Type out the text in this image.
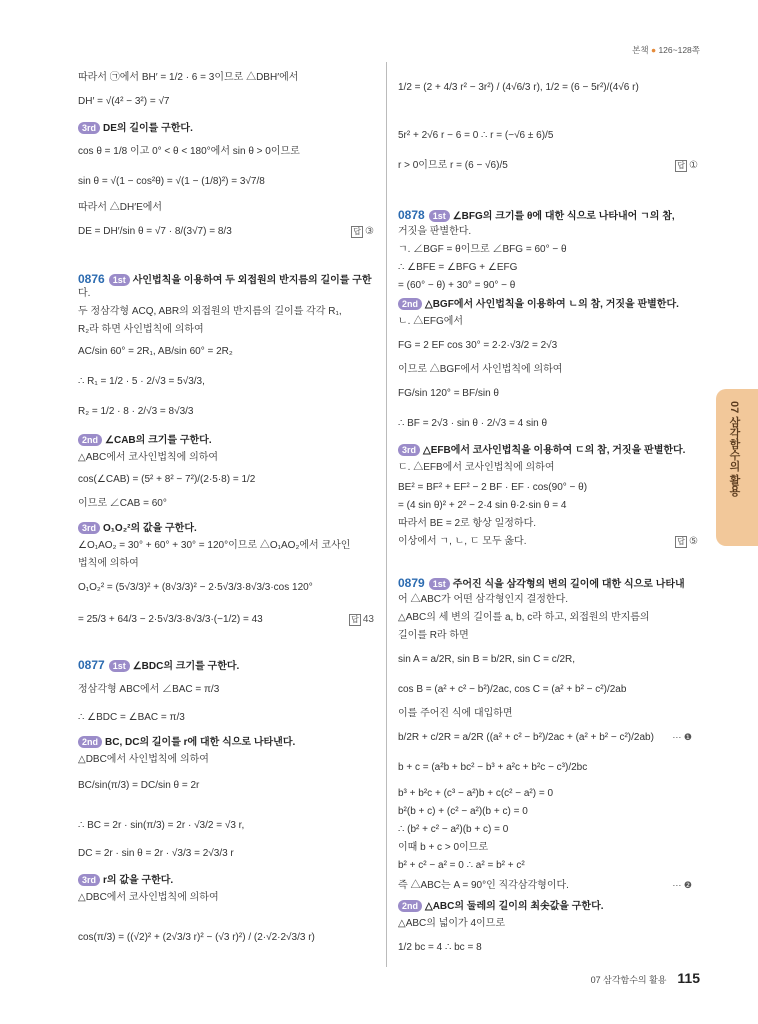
본책 ● 126~128쪽
따라서 ㉠에서 BH′ = 1/2 · 6 = 3이므로 △DBH′에서
DH′ = √(4² − 3²) = √7
3rd DE의 길이를 구한다.
cos θ = 1/8 이고 0° < θ < 180°에서 sin θ > 0이므로
sin θ = √(1 − cos²θ) = √(1 − (1/8)²) = 3√7/8
따라서 △DH′E에서
DE = DH′/sin θ = √7 · 8/(3√7) = 8/3	답 ③
0876 1st 사인법칙을 이용하여 두 외접원의 반지름의 길이를 구한
다.
두 정삼각형 ACQ, ABR의 외접원의 반지름의 길이를 각각 R₁,
R₂라 하면 사인법칙에 의하여
AC/sin 60° = 2R₁, AB/sin 60° = 2R₂
∴ R₁ = 1/2 · 5 · 2/√3 = 5√3/3,
R₂ = 1/2 · 8 · 2/√3 = 8√3/3
2nd ∠CAB의 크기를 구한다.
△ABC에서 코사인법칙에 의하여
cos(∠CAB) = (5² + 8² − 7²)/(2·5·8) = 1/2
이므로 ∠CAB = 60°
3rd O₁O₂²의 값을 구한다.
∠O₁AO₂ = 30° + 60° + 30° = 120°이므로 △O₁AO₂에서 코사인
법칙에 의하여
O₁O₂² = (5√3/3)² + (8√3/3)² − 2·5√3/3·8√3/3·cos 120°
= 25/3 + 64/3 − 2·5√3/3·8√3/3·(−1/2) = 43	답 43
0877 1st ∠BDC의 크기를 구한다.
정삼각형 ABC에서 ∠BAC = π/3
∴ ∠BDC = ∠BAC = π/3
2nd BC, DC의 길이를 r에 대한 식으로 나타낸다.
△DBC에서 사인법칙에 의하여
BC/sin(π/3) = DC/sin θ = 2r
∴ BC = 2r · sin(π/3) = 2r · √3/2 = √3 r,
DC = 2r · sin θ = 2r · √3/3 = 2√3/3 r
3rd r의 값을 구한다.
△DBC에서 코사인법칙에 의하여
cos(π/3) = ((√2)² + (2√3/3 r)² − (√3 r)²) / (2·√2·2√3/3 r)
1/2 = (2 + 4/3 r² − 3r²) / (4√6/3 r), 1/2 = (6 − 5r²)/(4√6 r)
5r² + 2√6 r − 6 = 0 ∴ r = (−√6 ± 6)/5
r > 0이므로 r = (6 − √6)/5	답 ①
0878 1st ∠BFG의 크기를 θ에 대한 식으로 나타내어 ㄱ의 참,
거짓을 판별한다.
ㄱ. ∠BGF = θ이므로 ∠BFG = 60° − θ
∴ ∠BFE = ∠BFG + ∠EFG
= (60° − θ) + 30° = 90° − θ
2nd △BGF에서 사인법칙을 이용하여 ㄴ의 참, 거짓을 판별한다.
ㄴ. △EFG에서
FG = 2 EF cos 30° = 2·2·√3/2 = 2√3
이므로 △BGF에서 사인법칙에 의하여
FG/sin 120° = BF/sin θ
∴ BF = 2√3 · sin θ · 2/√3 = 4 sin θ
3rd △EFB에서 코사인법칙을 이용하여 ㄷ의 참, 거짓을 판별한다.
ㄷ. △EFB에서 코사인법칙에 의하여
BE² = BF² + EF² − 2 BF · EF · cos(90° − θ)
= (4 sin θ)² + 2² − 2·4 sin θ·2·sin θ = 4
따라서 BE = 2로 항상 일정하다.
이상에서 ㄱ, ㄴ, ㄷ 모두 옳다.	답 ⑤
0879 1st 주어진 식을 삼각형의 변의 길이에 대한 식으로 나타내
어 △ABC가 어떤 삼각형인지 결정한다.
△ABC의 세 변의 길이를 a, b, c라 하고, 외접원의 반지름의
길이를 R라 하면
sin A = a/2R, sin B = b/2R, sin C = c/2R,
cos B = (a² + c² − b²)/2ac, cos C = (a² + b² − c²)/2ab
이를 주어진 식에 대입하면
b/2R + c/2R = a/2R ((a² + c² − b²)/2ac + (a² + b² − c²)/2ab) ⋯ ❶
b + c = (a²b + bc² − b³ + a²c + b²c − c³)/2bc
b³ + b²c + (c³ − a²)b + c(c² − a²) = 0
b²(b + c) + (c² − a²)(b + c) = 0
∴ (b² + c² − a²)(b + c) = 0
이때 b + c > 0이므로
b² + c² − a² = 0 ∴ a² = b² + c²
즉 △ABC는 A = 90°인 직각삼각형이다.	⋯ ❷
2nd △ABC의 둘레의 길이의 최솟값을 구한다.
△ABC의 넓이가 4이므로
1/2 bc = 4 ∴ bc = 8
07 삼각함수의 활용
07 삼각함수의 활용 115
